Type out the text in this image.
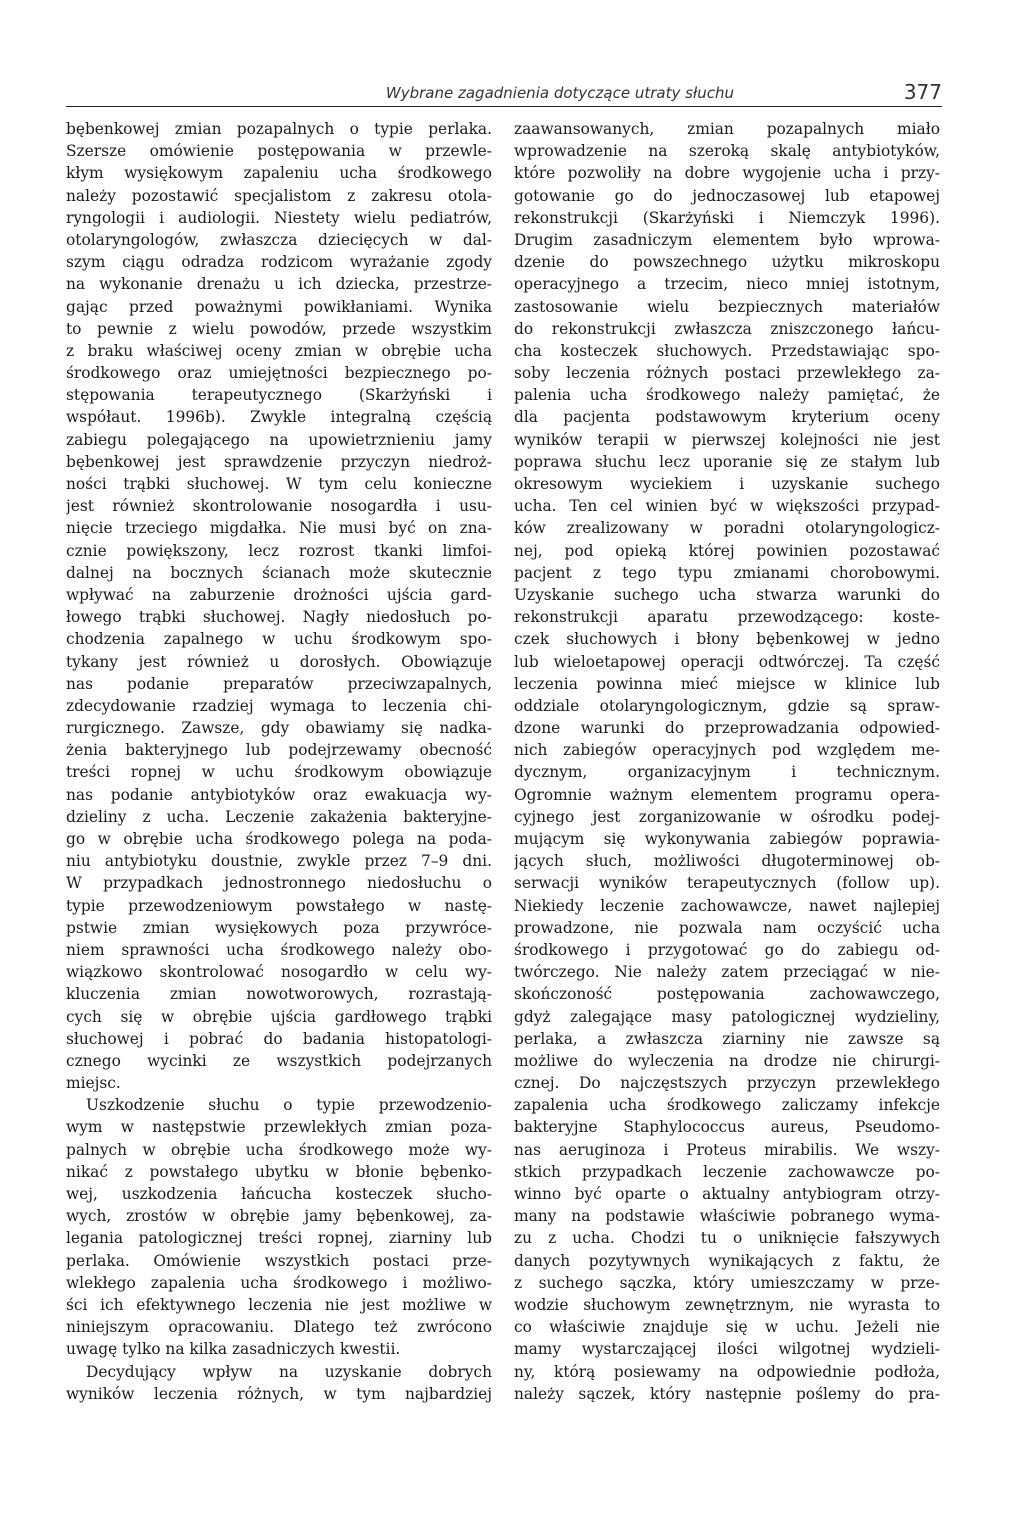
Wybrane zagadnienia dotyczące utraty słuchu	377
bębenkowej zmian pozapalnych o typie perlaka.
Szersze omówienie postępowania w przewle-
kłym wysiękowym zapaleniu ucha środkowego
należy pozostawić specjalistom z zakresu otola-
ryngologii i audiologii. Niestety wielu pediatrów,
otolaryngologów, zwłaszcza dziecięcych w dal-
szym ciągu odradza rodzicom wyrażanie zgody
na wykonanie drenażu u ich dziecka, przestrze-
gając przed poważnymi powikłaniami. Wynika
to pewnie z wielu powodów, przede wszystkim
z braku właściwej oceny zmian w obrębie ucha
środkowego oraz umiejętności bezpiecznego po-
stępowania terapeutycznego (Skarżyński i
współaut. 1996b). Zwykle integralną częścią
zabiegu polegającego na upowietrznieniu jamy
bębenkowej jest sprawdzenie przyczyn niedroż-
ności trąbki słuchowej. W tym celu konieczne
jest również skontrolowanie nosogardła i usu-
nięcie trzeciego migdałka. Nie musi być on zna-
cznie powiększony, lecz rozrost tkanki limfoi-
dalnej na bocznych ścianach może skutecznie
wpływać na zaburzenie drożności ujścia gard-
łowego trąbki słuchowej. Nagły niedosłuch po-
chodzenia zapalnego w uchu środkowym spo-
tykany jest również u dorosłych. Obowiązuje
nas podanie preparatów przeciwzapalnych,
zdecydowanie rzadziej wymaga to leczenia chi-
rurgicznego. Zawsze, gdy obawiamy się nadka-
żenia bakteryjnego lub podejrzewamy obecność
treści ropnej w uchu środkowym obowiązuje
nas podanie antybiotyków oraz ewakuacja wy-
dzieliny z ucha. Leczenie zakażenia bakteryjne-
go w obrębie ucha środkowego polega na poda-
niu antybiotyku doustnie, zwykle przez 7–9 dni.
W przypadkach jednostronnego niedosłuchu o
typie przewodzeniowym powstałego w nastę-
pstwie zmian wysiękowych poza przywróce-
niem sprawności ucha środkowego należy obo-
wiązkowo skontrolować nosogardło w celu wy-
kluczenia zmian nowotworowych, rozrastają-
cych się w obrębie ujścia gardłowego trąbki
słuchowej i pobrać do badania histopatologi-
cznego wycinki ze wszystkich podejrzanych
miejsc.
Uszkodzenie słuchu o typie przewodzenio-
wym w następstwie przewlekłych zmian poza-
palnych w obrębie ucha środkowego może wy-
nikać z powstałego ubytku w błonie bębenko-
wej, uszkodzenia łańcucha kosteczek słucho-
wych, zrostów w obrębie jamy bębenkowej, za-
legania patologicznej treści ropnej, ziarniny lub
perlaka. Omówienie wszystkich postaci prze-
wlekłego zapalenia ucha środkowego i możliwo-
ści ich efektywnego leczenia nie jest możliwe w
niniejszym opracowaniu. Dlatego też zwrócono
uwagę tylko na kilka zasadniczych kwestii.
Decydujący wpływ na uzyskanie dobrych
wyników leczenia różnych, w tym najbardziej
zaawansowanych, zmian pozapalnych miało
wprowadzenie na szeroką skalę antybiotyków,
które pozwoliły na dobre wygojenie ucha i przy-
gotowanie go do jednoczasowej lub etapowej
rekonstrukcji (Skarżyński i Niemczyk 1996).
Drugim zasadniczym elementem było wprowa-
dzenie do powszechnego użytku mikroskopu
operacyjnego a trzecim, nieco mniej istotnym,
zastosowanie wielu bezpiecznych materiałów
do rekonstrukcji zwłaszcza zniszczonego łańcu-
cha kosteczek słuchowych. Przedstawiając spo-
soby leczenia różnych postaci przewlekłego za-
palenia ucha środkowego należy pamiętać, że
dla pacjenta podstawowym kryterium oceny
wyników terapii w pierwszej kolejności nie jest
poprawa słuchu lecz uporanie się ze stałym lub
okresowym wyciekiem i uzyskanie suchego
ucha. Ten cel winien być w większości przypad-
ków zrealizowany w poradni otolaryngologicz-
nej, pod opieką której powinien pozostawać
pacjent z tego typu zmianami chorobowymi.
Uzyskanie suchego ucha stwarza warunki do
rekonstrukcji aparatu przewodzącego: koste-
czek słuchowych i błony bębenkowej w jedno
lub wieloetapowej operacji odtwórczej. Ta część
leczenia powinna mieć miejsce w klinice lub
oddziale otolaryngologicznym, gdzie są spraw-
dzone warunki do przeprowadzania odpowied-
nich zabiegów operacyjnych pod względem me-
dycznym, organizacyjnym i technicznym.
Ogromnie ważnym elementem programu opera-
cyjnego jest zorganizowanie w ośrodku podej-
mującym się wykonywania zabiegów poprawia-
jących słuch, możliwości długoterminowej ob-
serwacji wyników terapeutycznych (follow up).
Niekiedy leczenie zachowawcze, nawet najlepiej
prowadzone, nie pozwala nam oczyścić ucha
środkowego i przygotować go do zabiegu od-
twórczego. Nie należy zatem przeciągać w nie-
skończoność postępowania zachowawczego,
gdyż zalegające masy patologicznej wydzieliny,
perlaka, a zwłaszcza ziarniny nie zawsze są
możliwe do wyleczenia na drodze nie chirurgi-
cznej. Do najczęstszych przyczyn przewlekłego
zapalenia ucha środkowego zaliczamy infekcje
bakteryjne Staphylococcus aureus, Pseudomo-
nas aeruginoza i Proteus mirabilis. We wszy-
stkich przypadkach leczenie zachowawcze po-
winno być oparte o aktualny antybiogram otrzy-
many na podstawie właściwie pobranego wyma-
zu z ucha. Chodzi tu o uniknięcie fałszywych
danych pozytywnych wynikających z faktu, że
z suchego sączka, który umieszczamy w prze-
wodzie słuchowym zewnętrznym, nie wyrasta to
co właściwie znajduje się w uchu. Jeżeli nie
mamy wystarczającej ilości wilgotnej wydzieli-
ny, którą posiewamy na odpowiednie podłoża,
należy sączek, który następnie poślemy do pra-
